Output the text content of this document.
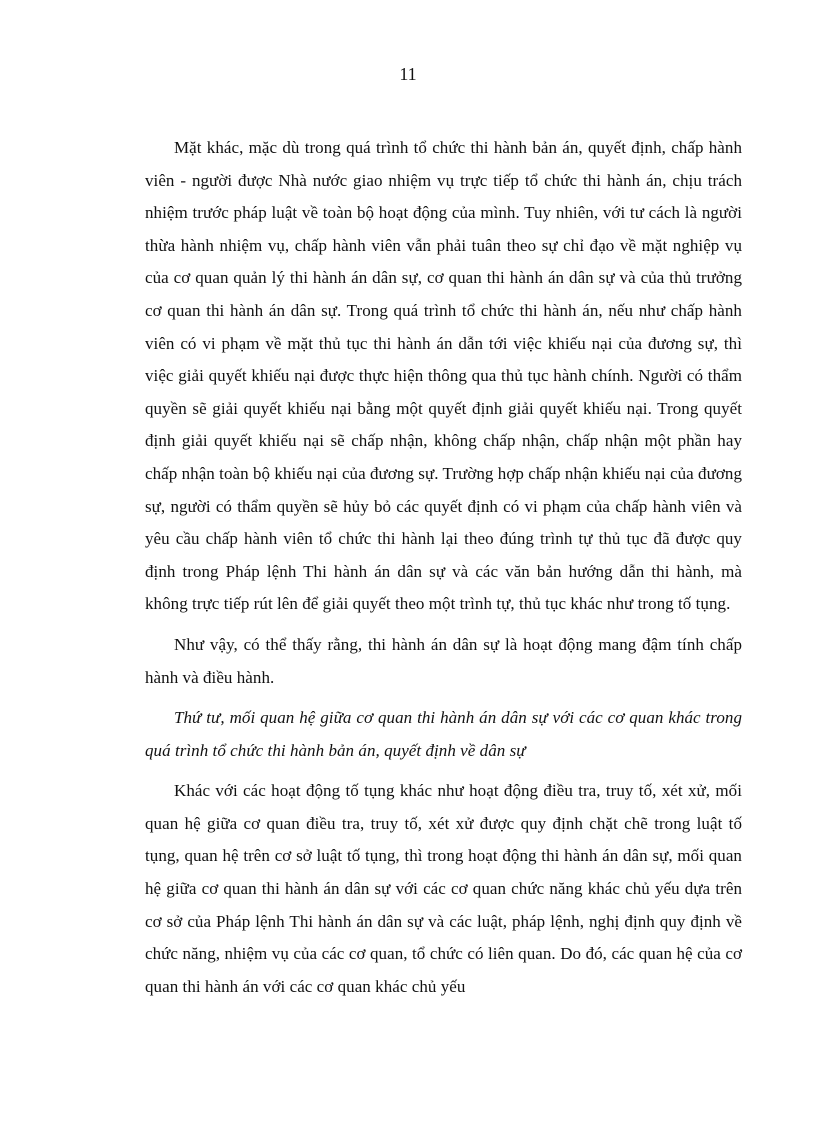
11

Mặt khác, mặc dù trong quá trình tổ chức thi hành bản án, quyết định, chấp hành viên - người được Nhà nước giao nhiệm vụ trực tiếp tổ chức thi hành án, chịu trách nhiệm trước pháp luật về toàn bộ hoạt động của mình. Tuy nhiên, với tư cách là người thừa hành nhiệm vụ, chấp hành viên vẫn phải tuân theo sự chỉ đạo về mặt nghiệp vụ của cơ quan quản lý thi hành án dân sự, cơ quan thi hành án dân sự và của thủ trưởng cơ quan thi hành án dân sự. Trong quá trình tổ chức thi hành án, nếu như chấp hành viên có vi phạm về mặt thủ tục thi hành án dẫn tới việc khiếu nại của đương sự, thì việc giải quyết khiếu nại được thực hiện thông qua thủ tục hành chính. Người có thẩm quyền sẽ giải quyết khiếu nại bằng một quyết định giải quyết khiếu nại. Trong quyết định giải quyết khiếu nại sẽ chấp nhận, không chấp nhận, chấp nhận một phần hay chấp nhận toàn bộ khiếu nại của đương sự. Trường hợp chấp nhận khiếu nại của đương sự, người có thẩm quyền sẽ hủy bỏ các quyết định có vi phạm của chấp hành viên và yêu cầu chấp hành viên tổ chức thi hành lại theo đúng trình tự thủ tục đã được quy định trong Pháp lệnh Thi hành án dân sự và các văn bản hướng dẫn thi hành, mà không trực tiếp rút lên để giải quyết theo một trình tự, thủ tục khác như trong tố tụng.

Như vậy, có thể thấy rằng, thi hành án dân sự là hoạt động mang đậm tính chấp hành và điều hành.

Thứ tư, mối quan hệ giữa cơ quan thi hành án dân sự với các cơ quan khác trong quá trình tổ chức thi hành bản án, quyết định về dân sự

Khác với các hoạt động tố tụng khác như hoạt động điều tra, truy tố, xét xử, mối quan hệ giữa cơ quan điều tra, truy tố, xét xử được quy định chặt chẽ trong luật tố tụng, quan hệ trên cơ sở luật tố tụng, thì trong hoạt động thi hành án dân sự, mối quan hệ giữa cơ quan thi hành án dân sự với các cơ quan chức năng khác chủ yếu dựa trên cơ sở của Pháp lệnh Thi hành án dân sự và các luật, pháp lệnh, nghị định quy định về chức năng, nhiệm vụ của các cơ quan, tổ chức có liên quan. Do đó, các quan hệ của cơ quan thi hành án với các cơ quan khác chủ yếu
